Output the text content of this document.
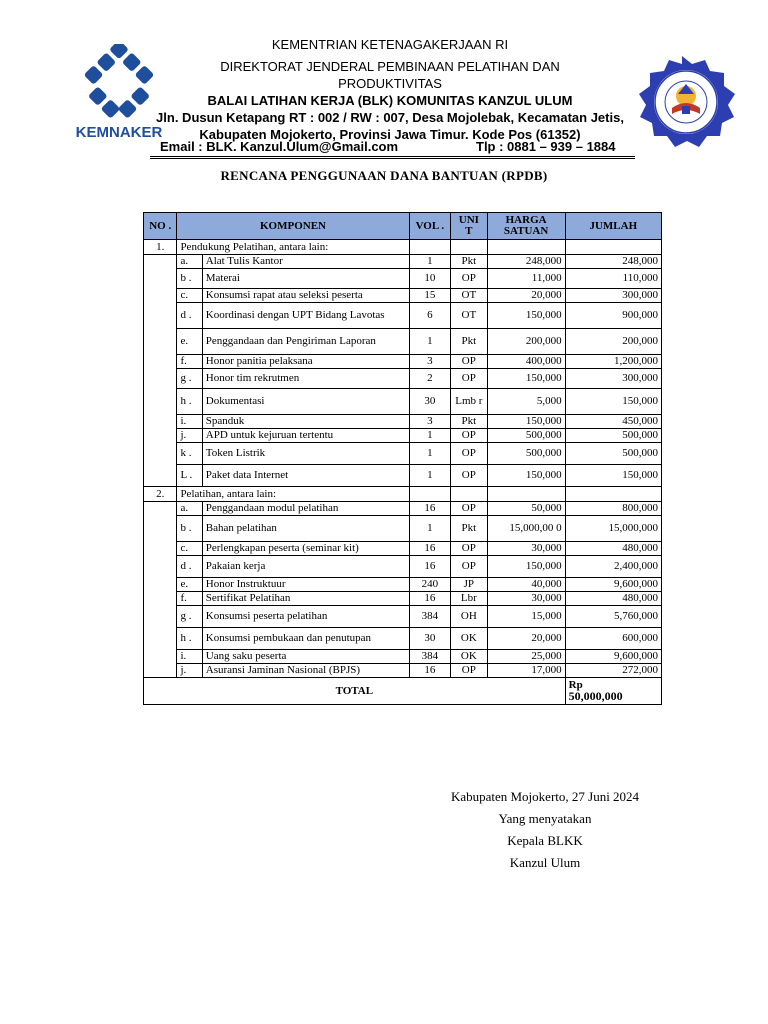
KEMNAKER
KEMENTRIAN KETENAGAKERJAAN RI
DIREKTORAT JENDERAL PEMBINAAN PELATIHAN DAN
PRODUKTIVITAS
BALAI LATIHAN KERJA (BLK) KOMUNITAS KANZUL ULUM
Jln. Dusun Ketapang RT : 002 / RW : 007, Desa Mojolebak, Kecamatan Jetis,
Kabupaten Mojokerto, Provinsi Jawa Timur. Kode Pos (61352)
Email : BLK. Kanzul.Ulum@Gmail.com	Tlp : 0881 – 939 – 1884
RENCANA PENGGUNAAN DANA BANTUAN (RPDB)
NO .	KOMPONEN		VOL .	UNI T	HARGA SATUAN	JUMLAH
1.	Pendukung Pelatihan, antara lain:					
	a.	Alat Tulis Kantor	1	Pkt	248,000	248,000
	b .	Materai	10	OP	11,000	110,000
	c.	Konsumsi rapat atau seleksi peserta	15	OT	20,000	300,000
	d .	Koordinasi dengan UPT Bidang Lavotas	6	OT	150,000	900,000
	e.	Penggandaan dan Pengiriman Laporan	1	Pkt	200,000	200,000
	f.	Honor panitia pelaksana	3	OP	400,000	1,200,000
	g .	Honor tim rekrutmen	2	OP	150,000	300,000
	h .	Dokumentasi	30	Lmb r	5,000	150,000
	i.	Spanduk	3	Pkt	150,000	450,000
	j.	APD untuk kejuruan tertentu	1	OP	500,000	500,000
	k .	Token Listrik	1	OP	500,000	500,000
	L .	Paket data Internet	1	OP	150,000	150,000
2.	Pelatihan, antara lain:					
	a.	Penggandaan modul pelatihan	16	OP	50,000	800,000
	b .	Bahan pelatihan	1	Pkt	15,000,00 0	15,000,000
	c.	Perlengkapan peserta (seminar kit)	16	OP	30,000	480,000
	d .	Pakaian kerja	16	OP	150,000	2,400,000
	e.	Honor Instruktuur	240	JP	40,000	9,600,000
	f.	Sertifikat Pelatihan	16	Lbr	30,000	480,000
	g .	Konsumsi peserta pelatihan	384	OH	15,000	5,760,000
	h .	Konsumsi pembukaan dan penutupan	30	OK	20,000	600,000
	i.	Uang saku peserta	384	OK	25,000	9,600,000
	j.	Asuransi Jaminan Nasional (BPJS)	16	OP	17,000	272,000
TOTAL						Rp
50,000,000
Kabupaten Mojokerto, 27 Juni 2024
Yang menyatakan
Kepala BLKK
Kanzul Ulum
